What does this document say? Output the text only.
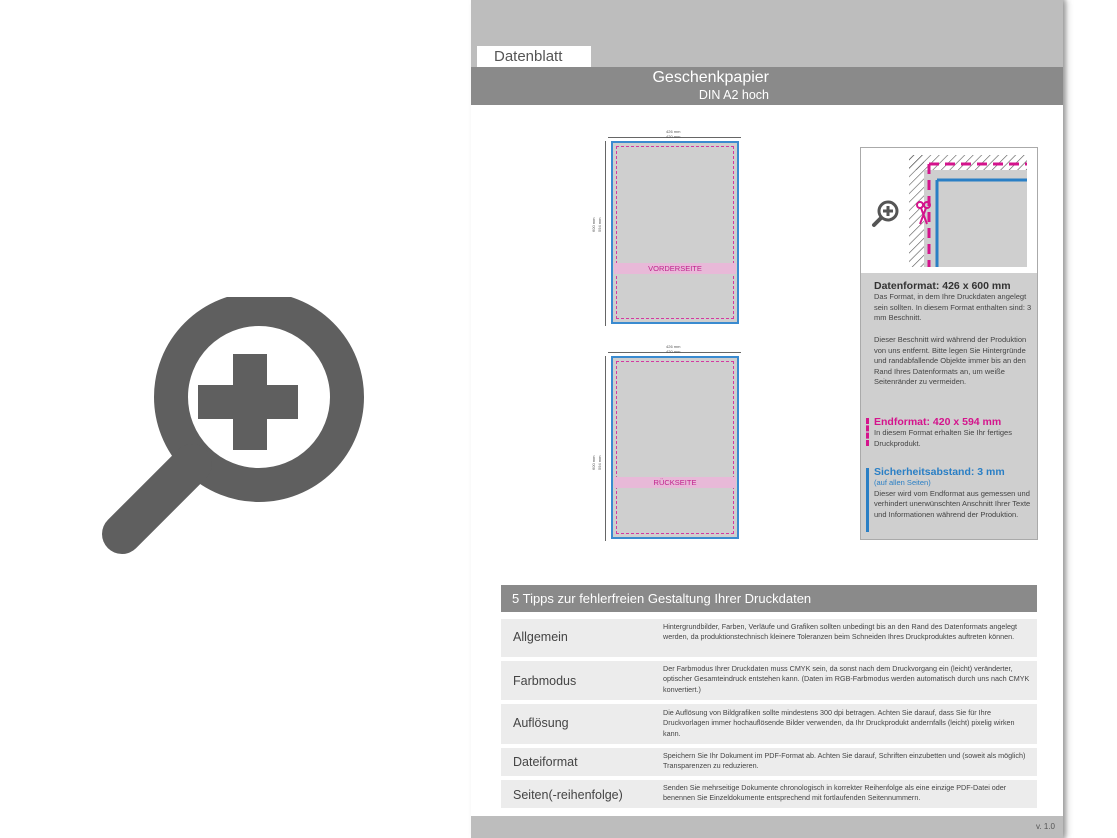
Datenblatt
Geschenkpapier
DIN A2 hoch
426 mm
420 mm
600 mm 594 mm
VORDERSEITE
426 mm
420 mm
600 mm 594 mm
RÜCKSEITE
Datenformat: 426 x 600 mm

Das Format, in dem Ihre Druckdaten angelegt sein sollten. In diesem Format enthalten sind: 3 mm Beschnitt.

Dieser Beschnitt wird während der Produktion von uns entfernt. Bitte legen Sie Hintergründe und randabfallende Objekte immer bis an den Rand Ihres Datenformats an, um weiße Seitenränder zu vermeiden.

Endformat: 420 x 594 mm

In diesem Format erhalten Sie Ihr fertiges Druckprodukt.

Sicherheitsabstand: 3 mm

(auf allen Seiten)

Dieser wird vom Endformat aus gemessen und verhindert unerwünschten Anschnitt Ihrer Texte und Informationen während der Produktion.

5 Tipps zur fehlerfreien Gestaltung Ihrer Druckdaten
Allgemein
Hintergrundbilder, Farben, Verläufe und Grafiken sollten unbedingt bis an den Rand des Datenformats angelegt werden, da produktionstechnisch kleinere Toleranzen beim Schneiden Ihres Druckproduktes auftreten können.
Farbmodus
Der Farbmodus Ihrer Druckdaten muss CMYK sein, da sonst nach dem Druckvorgang ein (leicht) veränderter, optischer Gesamteindruck entstehen kann. (Daten im RGB-Farbmodus werden automatisch durch uns nach CMYK konvertiert.)
Auflösung
Die Auflösung von Bildgrafiken sollte mindestens 300 dpi betragen. Achten Sie darauf, dass Sie für Ihre Druckvorlagen immer hochauflösende Bilder verwenden, da Ihr Druckprodukt andernfalls (leicht) pixelig wirken kann.
Dateiformat	Speichern Sie Ihr Dokument im PDF-Format ab. Achten Sie darauf, Schriften einzubetten und (soweit als möglich) Transparenzen zu reduzieren.
Seiten(-reihenfolge)
Senden Sie mehrseitige Dokumente chronologisch in korrekter Reihenfolge als eine einzige PDF-Datei oder benennen Sie Einzeldokumente entsprechend mit fortlaufenden Seitennummern.
v. 1.0
